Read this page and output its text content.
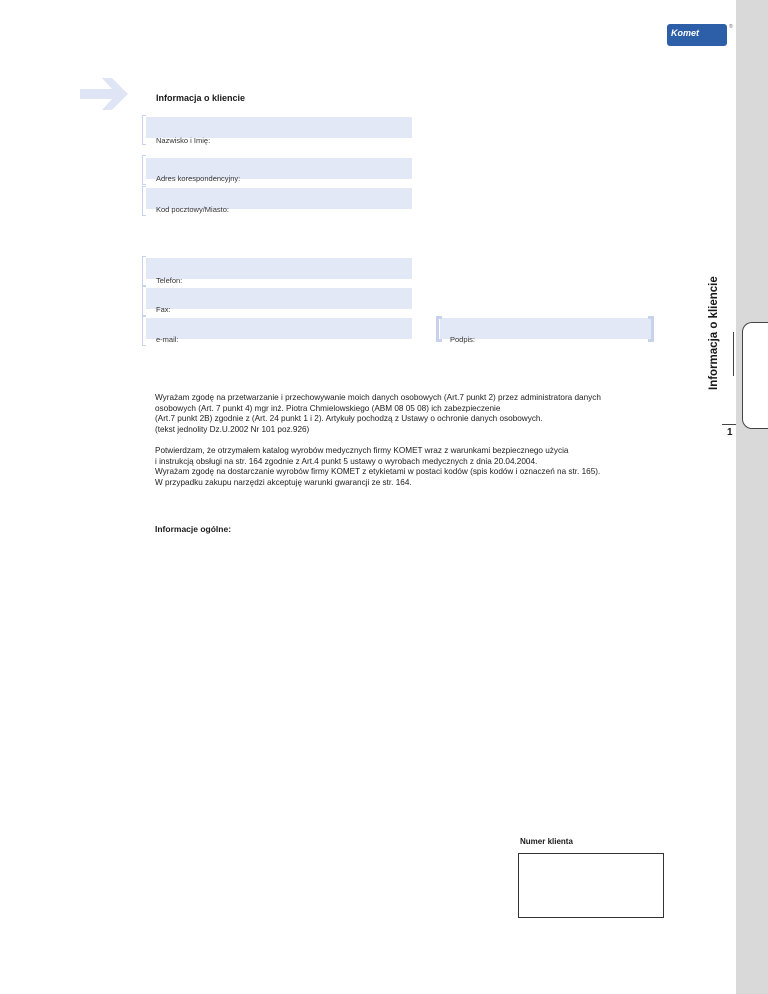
Komet
®
Informacja o kliencie
Nazwisko i Imię:
Adres korespondencyjny:
Kod pocztowy/Miasto:
Telefon:
Fax:
e-mail:	Podpis:	Informacja o kliencie
1
Wyrażam zgodę na przetwarzanie i przechowywanie moich danych osobowych (Art.7 punkt 2) przez administratora danych
osobowych (Art. 7 punkt 4) mgr inż. Piotra Chmielowskiego (ABM 08 05 08) ich zabezpieczenie
(Art.7 punkt 2B) zgodnie z (Art. 24 punkt 1 i 2). Artykuły pochodzą z Ustawy o ochronie danych osobowych.
(tekst jednolity Dz.U.2002 Nr 101 poz.926)
Potwierdzam, że otrzymałem katalog wyrobów medycznych firmy KOMET wraz z warunkami bezpiecznego użycia
i instrukcją obsługi na str. 164 zgodnie z Art.4 punkt 5 ustawy o wyrobach medycznych z dnia 20.04.2004.
Wyrażam zgodę na dostarczanie wyrobów firmy KOMET z etykietami w postaci kodów (spis kodów i oznaczeń na str. 165).
W przypadku zakupu narzędzi akceptuję warunki gwarancji ze str. 164.
Informacje ogólne:
Numer klienta
